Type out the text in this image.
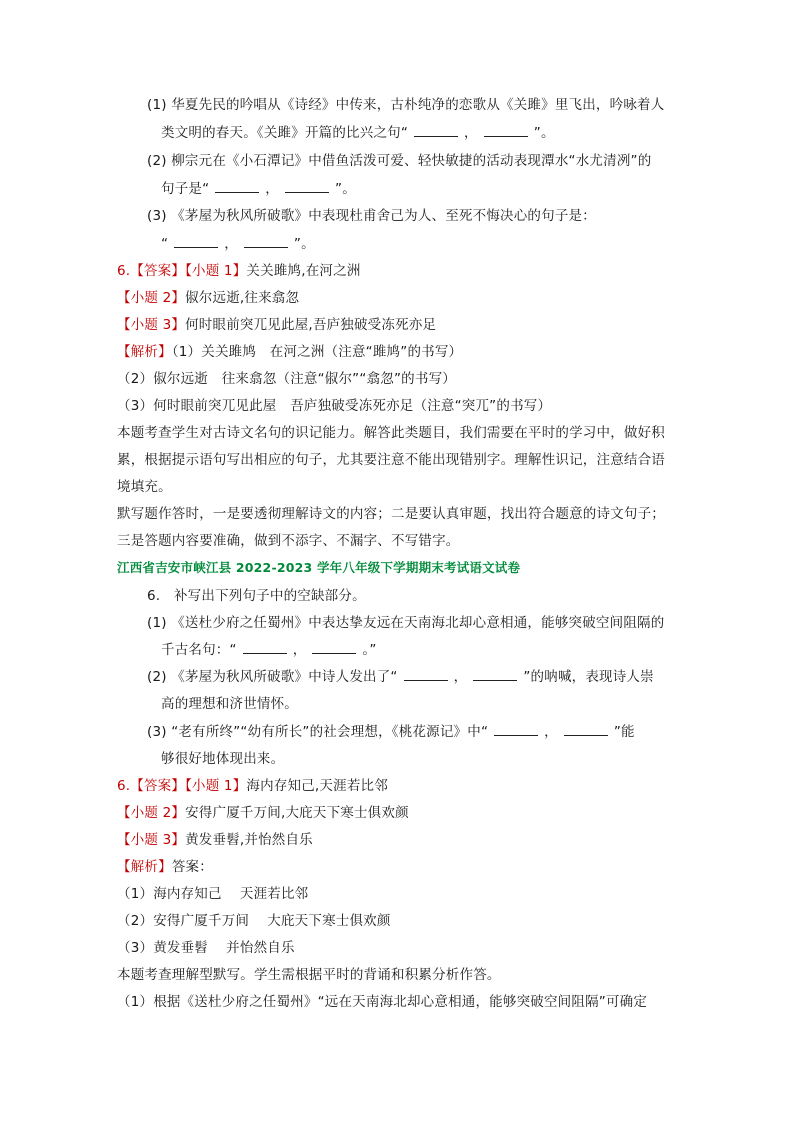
(1) 华夏先民的吟唱从《诗经》中传来，古朴纯净的恋歌从《关雎》里飞出，吟咏着人
类文明的春天。《关雎》开篇的比兴之句“	，	”。
(2) 柳宗元在《小石潭记》中借鱼活泼可爱、轻快敏捷的活动表现潭水“水尤清冽”的
句子是“	，	”。
(3) 《茅屋为秋风所破歌》中表现杜甫舍己为人、至死不悔决心的句子是：
“	，	”。
6.【答案】【小题 1】关关雎鸠,在河之洲
【小题 2】俶尔远逝,往来翕忽
【小题 3】何时眼前突兀见此屋,吾庐独破受冻死亦足
【解析】（1）关关雎鸠　在河之洲（注意“雎鸠”的书写）
（2）俶尔远逝　往来翕忽（注意“俶尔”“翕忽”的书写）
（3）何时眼前突兀见此屋　吾庐独破受冻死亦足（注意“突兀”的书写）
本题考查学生对古诗文名句的识记能力。解答此类题目，我们需要在平时的学习中，做好积
累，根据提示语句写出相应的句子，尤其要注意不能出现错别字。理解性识记，注意结合语
境填充。
默写题作答时，一是要透彻理解诗文的内容；二是要认真审题，找出符合题意的诗文句子；
三是答题内容要准确，做到不添字、不漏字、不写错字。
江西省吉安市峡江县 2022-2023 学年八年级下学期期末考试语文试卷
6.　补写出下列句子中的空缺部分。
(1) 《送杜少府之任蜀州》中表达挚友远在天南海北却心意相通，能够突破空间阻隔的
千古名句：“	，	。”
(2) 《茅屋为秋风所破歌》中诗人发出了“	，	”的呐喊，表现诗人崇
高的理想和济世情怀。
(3) “老有所终”“幼有所长”的社会理想，《桃花源记》中“	，	”能
够很好地体现出来。
6.【答案】【小题 1】海内存知己,天涯若比邻
【小题 2】安得广厦千万间,大庇天下寒士俱欢颜
【小题 3】黄发垂髫,并怡然自乐
【解析】答案：
（1）海内存知己　 天涯若比邻
（2）安得广厦千万间　 大庇天下寒士俱欢颜
（3）黄发垂髫　 并怡然自乐
本题考查理解型默写。学生需根据平时的背诵和积累分析作答。
（1）根据《送杜少府之任蜀州》“远在天南海北却心意相通，能够突破空间阻隔”可确定
